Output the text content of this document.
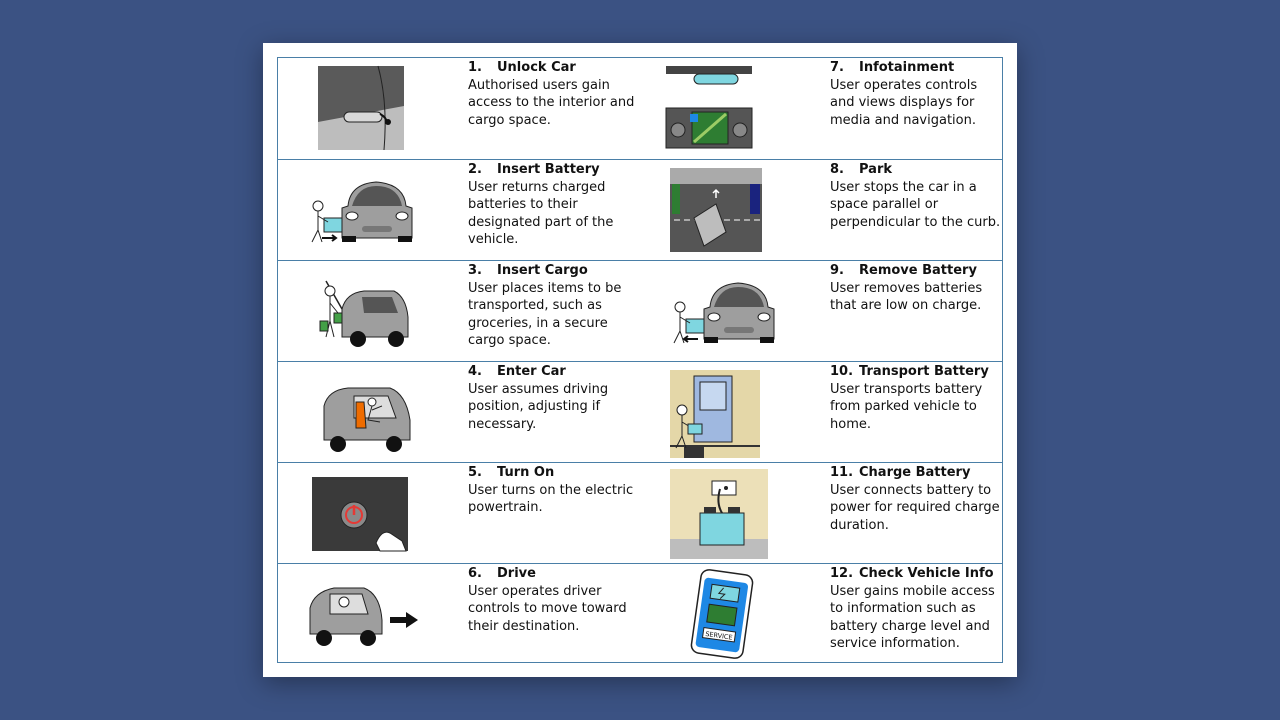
1. Unlock Car
Authorised users gain access to the interior and cargo space.
7. Infotainment
User operates controls and views displays for media and navigation.
2. Insert Battery
User returns charged batteries to their designated part of the vehicle.
8. Park
User stops the car in a space parallel or perpendicular to the curb.
3. Insert Cargo
User places items to be transported, such as groceries, in a secure cargo space.
9. Remove Battery
User removes batteries that are low on charge.
4. Enter Car
User assumes driving position, adjusting if necessary.
10. Transport Battery
User transports battery from parked vehicle to home.
5. Turn On
User turns on the electric powertrain.
11. Charge Battery
User connects battery to power for required charge duration.
6. Drive
User operates driver controls to move toward their destination.
SERVICE
12. Check Vehicle Info
User gains mobile access to information such as battery charge level and service information.
